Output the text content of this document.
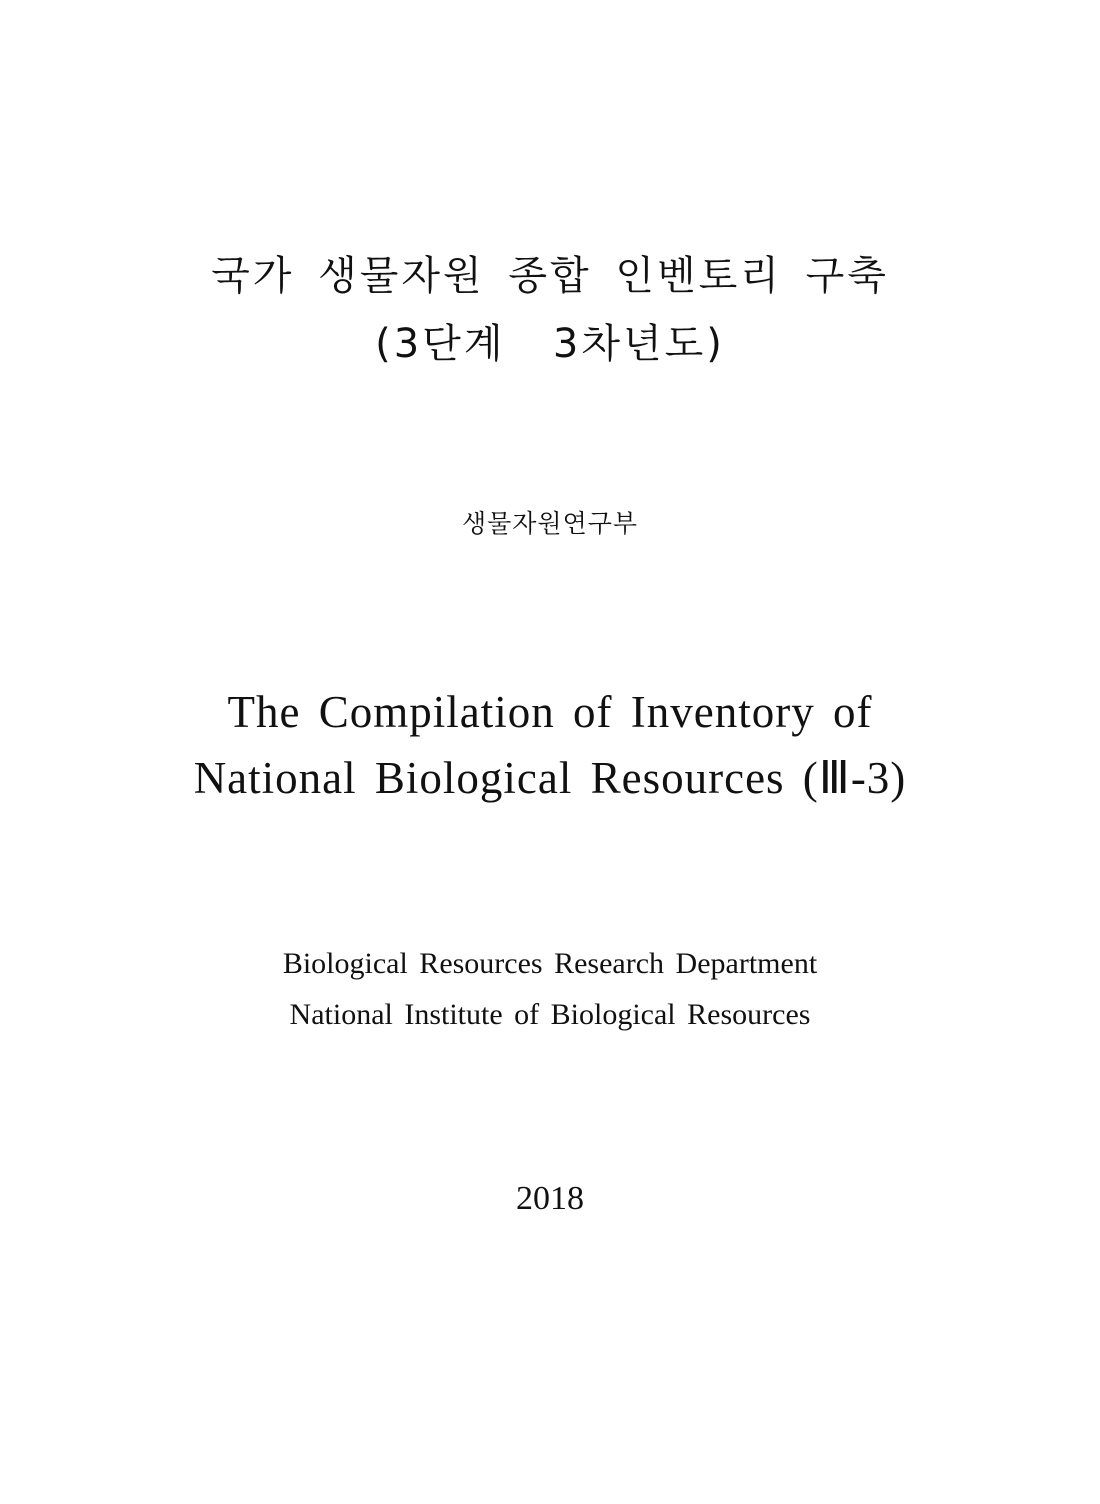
국가 생물자원 종합 인벤토리 구축
(3단계  3차년도)
생물자원연구부
The Compilation of Inventory of
National Biological Resources (Ⅲ-3)
Biological Resources Research Department
National Institute of Biological Resources
2018
